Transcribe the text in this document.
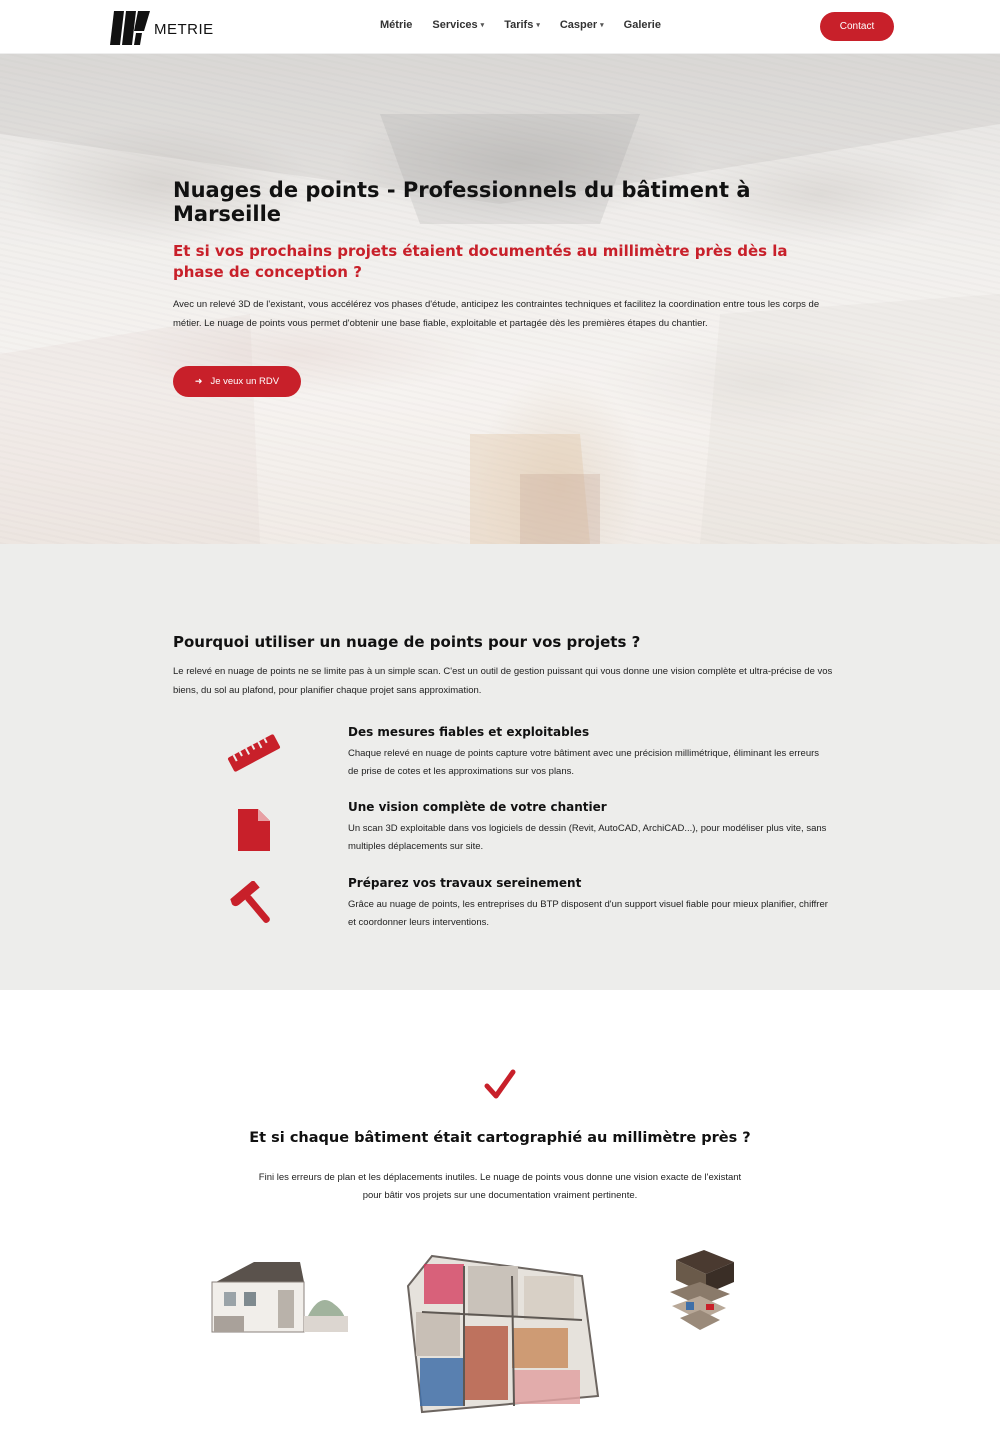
METRIE	Métrie Services ▾ Tarifs ▾ Casper ▾ Galerie	Contact
Nuages de points - Professionnels du bâtiment à Marseille
Et si vos prochains projets étaient documentés au millimètre près dès la phase de conception ?

Avec un relevé 3D de l'existant, vous accélérez vos phases d'étude, anticipez les contraintes techniques et facilitez la coordination entre tous les corps de métier. Le nuage de points vous permet d'obtenir une base fiable, exploitable et partagée dès les premières étapes du chantier.

➜ Je veux un RDV
Pourquoi utiliser un nuage de points pour vos projets ?

Le relevé en nuage de points ne se limite pas à un simple scan. C'est un outil de gestion puissant qui vous donne une vision complète et ultra-précise de vos biens, du sol au plafond, pour planifier chaque projet sans approximation.

Des mesures fiables et exploitables

Chaque relevé en nuage de points capture votre bâtiment avec une précision millimétrique, éliminant les erreurs de prise de cotes et les approximations sur vos plans.

Une vision complète de votre chantier

Un scan 3D exploitable dans vos logiciels de dessin (Revit, AutoCAD, ArchiCAD...), pour modéliser plus vite, sans multiples déplacements sur site.

Préparez vos travaux sereinement

Grâce au nuage de points, les entreprises du BTP disposent d'un support visuel fiable pour mieux planifier, chiffrer et coordonner leurs interventions.

Et si chaque bâtiment était cartographié au millimètre près ?

Fini les erreurs de plan et les déplacements inutiles. Le nuage de points vous donne une vision exacte de l'existant pour bâtir vos projets sur une documentation vraiment pertinente.
